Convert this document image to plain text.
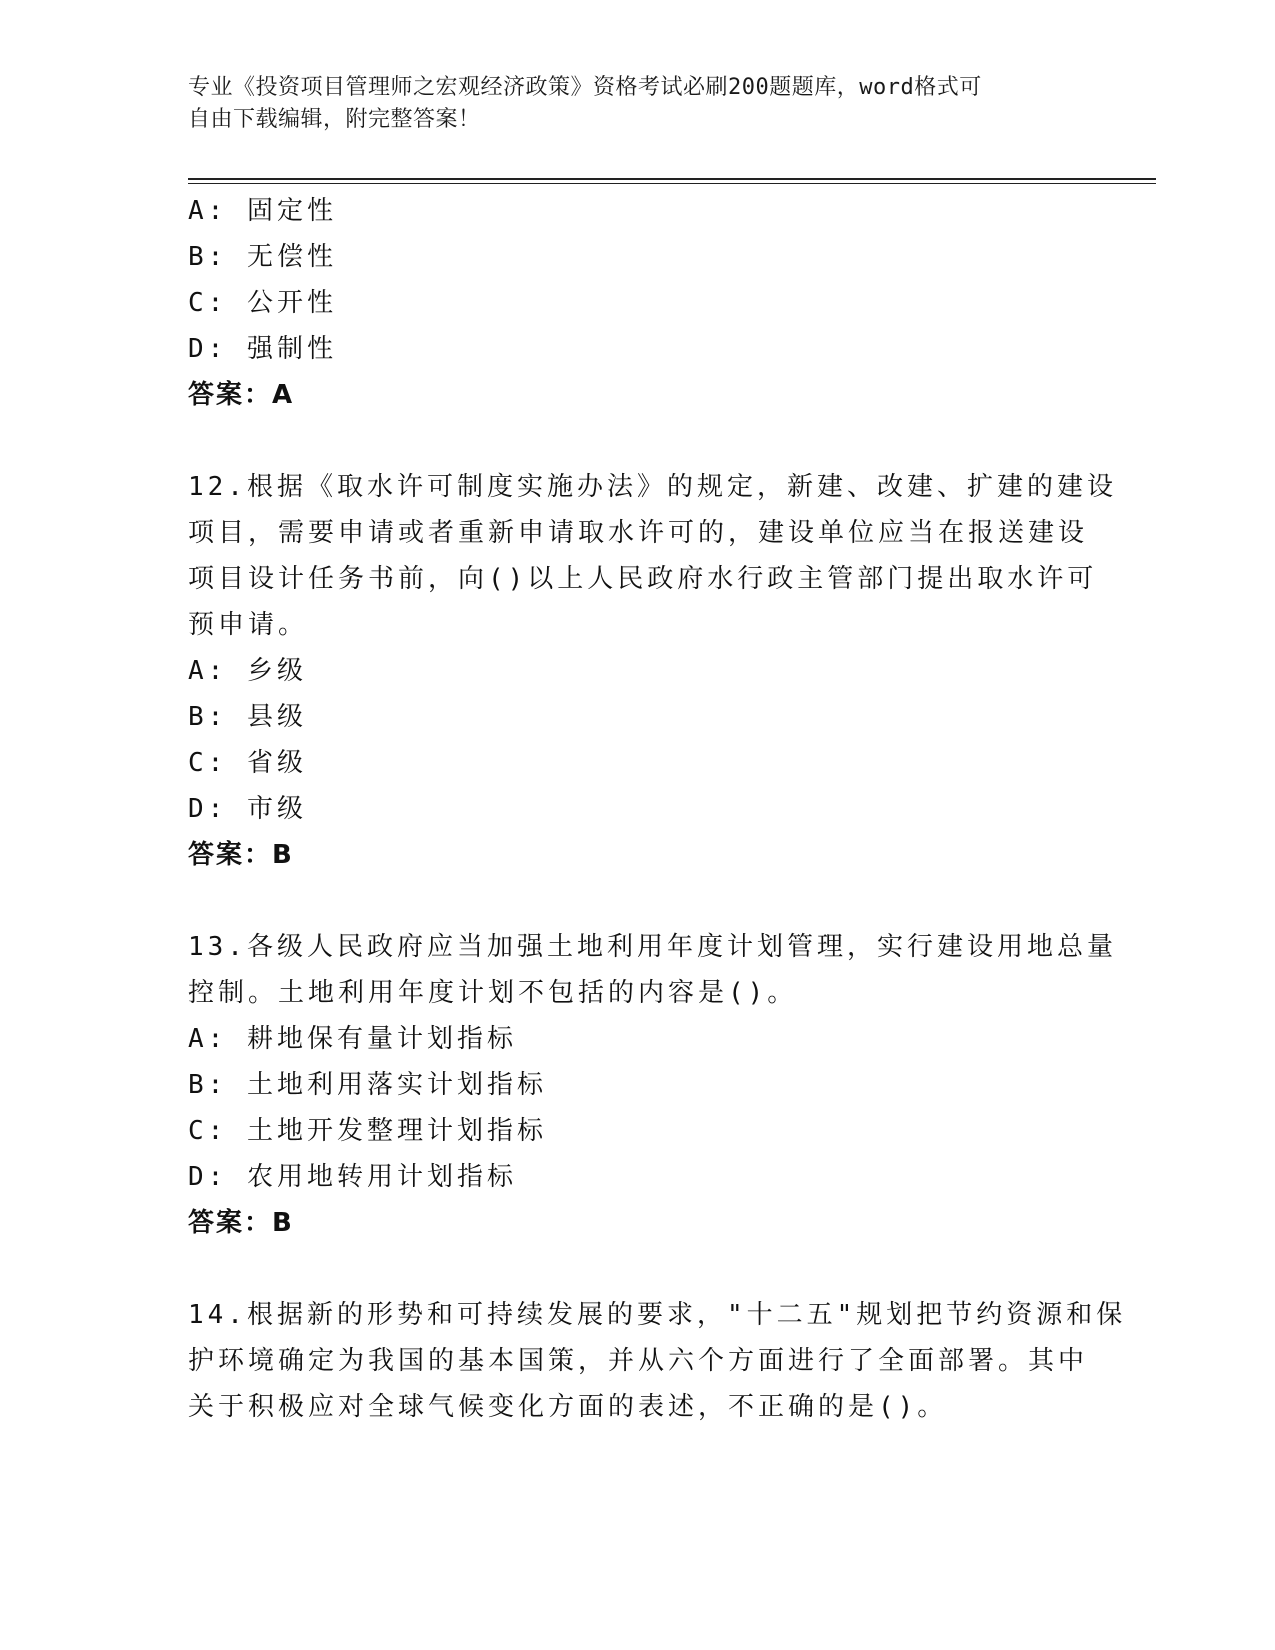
专业《投资项目管理师之宏观经济政策》资格考试必刷200题题库，word格式可
自由下载编辑，附完整答案！
A: 固定性
B: 无偿性
C: 公开性
D: 强制性
答案：A
12.根据《取水许可制度实施办法》的规定，新建、改建、扩建的建设
项目，需要申请或者重新申请取水许可的，建设单位应当在报送建设
项目设计任务书前，向()以上人民政府水行政主管部门提出取水许可
预申请。
A: 乡级
B: 县级
C: 省级
D: 市级
答案：B
13.各级人民政府应当加强土地利用年度计划管理，实行建设用地总量
控制。土地利用年度计划不包括的内容是()。
A: 耕地保有量计划指标
B: 土地利用落实计划指标
C: 土地开发整理计划指标
D: 农用地转用计划指标
答案：B
14.根据新的形势和可持续发展的要求，"十二五"规划把节约资源和保
护环境确定为我国的基本国策，并从六个方面进行了全面部署。其中
关于积极应对全球气候变化方面的表述，不正确的是()。
